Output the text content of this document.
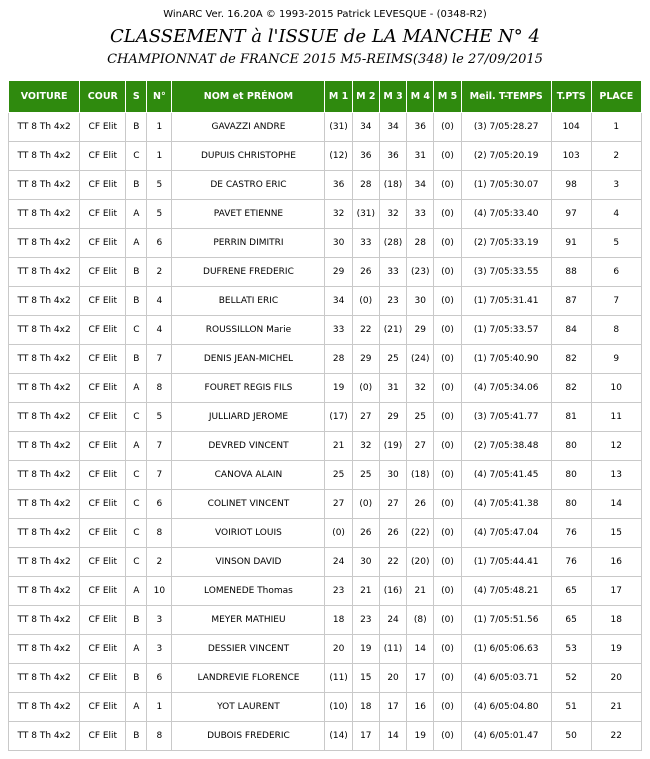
WinARC Ver. 16.20A © 1993-2015 Patrick LEVESQUE - (0348-R2)
CLASSEMENT à l'ISSUE de LA MANCHE N° 4
CHAMPIONNAT de FRANCE 2015 M5-REIMS(348) le 27/09/2015
VOITURE	COUR	S	N°	NOM et PRÉNOM	M 1	M 2	M 3	M 4	M 5	Meil. T-TEMPS	T.PTS	PLACE
TT 8 Th 4x2	CF Elit	B	1	GAVAZZI ANDRE	(31)	34	34	36	(0)	(3) 7/05:28.27	104	1
TT 8 Th 4x2	CF Elit	C	1	DUPUIS CHRISTOPHE	(12)	36	36	31	(0)	(2) 7/05:20.19	103	2
TT 8 Th 4x2	CF Elit	B	5	DE CASTRO ERIC	36	28	(18)	34	(0)	(1) 7/05:30.07	98	3
TT 8 Th 4x2	CF Elit	A	5	PAVET ETIENNE	32	(31)	32	33	(0)	(4) 7/05:33.40	97	4
TT 8 Th 4x2	CF Elit	A	6	PERRIN DIMITRI	30	33	(28)	28	(0)	(2) 7/05:33.19	91	5
TT 8 Th 4x2	CF Elit	B	2	DUFRENE FREDERIC	29	26	33	(23)	(0)	(3) 7/05:33.55	88	6
TT 8 Th 4x2	CF Elit	B	4	BELLATI ERIC	34	(0)	23	30	(0)	(1) 7/05:31.41	87	7
TT 8 Th 4x2	CF Elit	C	4	ROUSSILLON Marie	33	22	(21)	29	(0)	(1) 7/05:33.57	84	8
TT 8 Th 4x2	CF Elit	B	7	DENIS JEAN-MICHEL	28	29	25	(24)	(0)	(1) 7/05:40.90	82	9
TT 8 Th 4x2	CF Elit	A	8	FOURET REGIS FILS	19	(0)	31	32	(0)	(4) 7/05:34.06	82	10
TT 8 Th 4x2	CF Elit	C	5	JULLIARD JEROME	(17)	27	29	25	(0)	(3) 7/05:41.77	81	11
TT 8 Th 4x2	CF Elit	A	7	DEVRED VINCENT	21	32	(19)	27	(0)	(2) 7/05:38.48	80	12
TT 8 Th 4x2	CF Elit	C	7	CANOVA ALAIN	25	25	30	(18)	(0)	(4) 7/05:41.45	80	13
TT 8 Th 4x2	CF Elit	C	6	COLINET VINCENT	27	(0)	27	26	(0)	(4) 7/05:41.38	80	14
TT 8 Th 4x2	CF Elit	C	8	VOIRIOT LOUIS	(0)	26	26	(22)	(0)	(4) 7/05:47.04	76	15
TT 8 Th 4x2	CF Elit	C	2	VINSON DAVID	24	30	22	(20)	(0)	(1) 7/05:44.41	76	16
TT 8 Th 4x2	CF Elit	A	10	LOMENEDE Thomas	23	21	(16)	21	(0)	(4) 7/05:48.21	65	17
TT 8 Th 4x2	CF Elit	B	3	MEYER MATHIEU	18	23	24	(8)	(0)	(1) 7/05:51.56	65	18
TT 8 Th 4x2	CF Elit	A	3	DESSIER VINCENT	20	19	(11)	14	(0)	(1) 6/05:06.63	53	19
TT 8 Th 4x2	CF Elit	B	6	LANDREVIE FLORENCE	(11)	15	20	17	(0)	(4) 6/05:03.71	52	20
TT 8 Th 4x2	CF Elit	A	1	YOT LAURENT	(10)	18	17	16	(0)	(4) 6/05:04.80	51	21
TT 8 Th 4x2	CF Elit	B	8	DUBOIS FREDERIC	(14)	17	14	19	(0)	(4) 6/05:01.47	50	22
